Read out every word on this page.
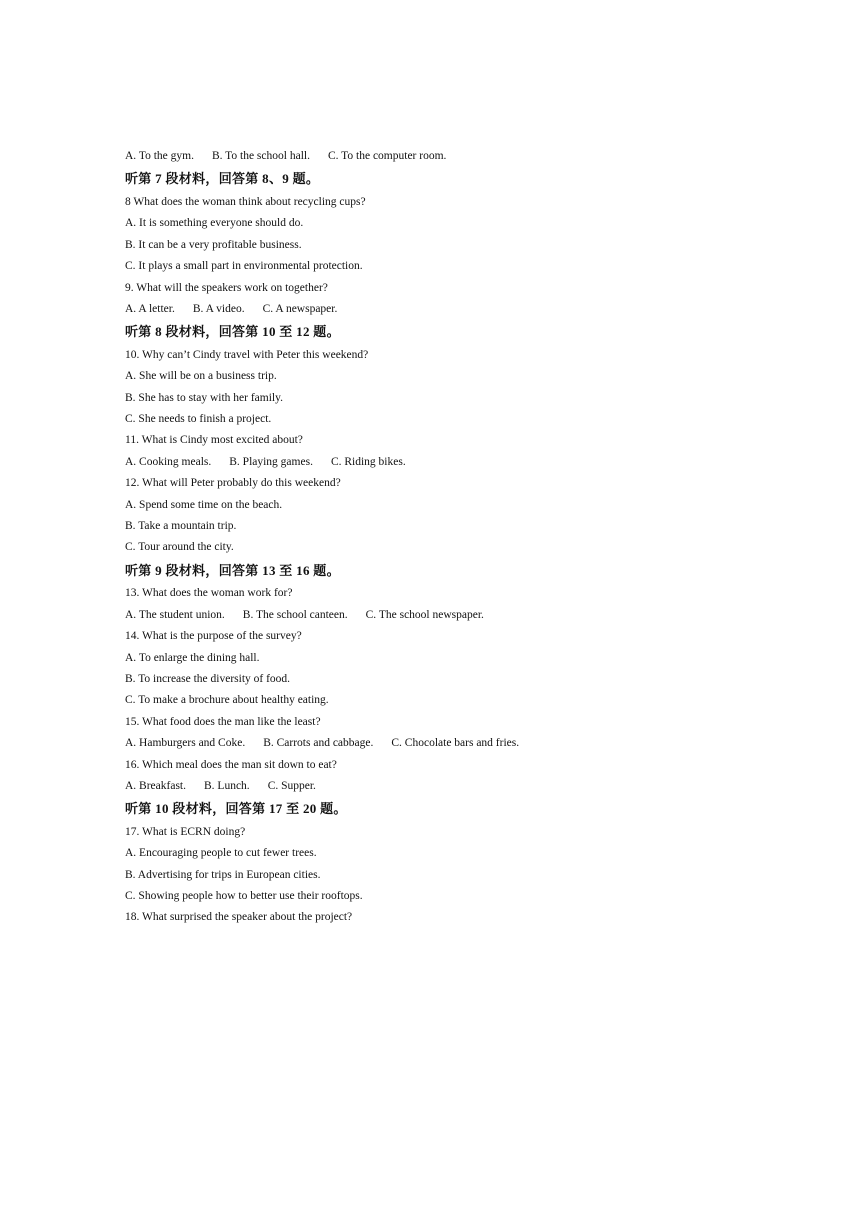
A. To the gym. B. To the school hall. C. To the computer room.
听第 7 段材料，回答第 8、9 题。
8 What does the woman think about recycling cups?
A. It is something everyone should do.
B. It can be a very profitable business.
C. It plays a small part in environmental protection.
9. What will the speakers work on together?
A. A letter. B. A video. C. A newspaper.
听第 8 段材料，回答第 10 至 12 题。
10. Why can’t Cindy travel with Peter this weekend?
A. She will be on a business trip.
B. She has to stay with her family.
C. She needs to finish a project.
11. What is Cindy most excited about?
A. Cooking meals. B. Playing games. C. Riding bikes.
12. What will Peter probably do this weekend?
A. Spend some time on the beach.
B. Take a mountain trip.
C. Tour around the city.
听第 9 段材料，回答第 13 至 16 题。
13. What does the woman work for?
A. The student union. B. The school canteen. C. The school newspaper.
14. What is the purpose of the survey?
A. To enlarge the dining hall.
B. To increase the diversity of food.
C. To make a brochure about healthy eating.
15. What food does the man like the least?
A. Hamburgers and Coke. B. Carrots and cabbage. C. Chocolate bars and fries.
16. Which meal does the man sit down to eat?
A. Breakfast. B. Lunch. C. Supper.
听第 10 段材料，回答第 17 至 20 题。
17. What is ECRN doing?
A. Encouraging people to cut fewer trees.
B. Advertising for trips in European cities.
C. Showing people how to better use their rooftops.
18. What surprised the speaker about the project?
